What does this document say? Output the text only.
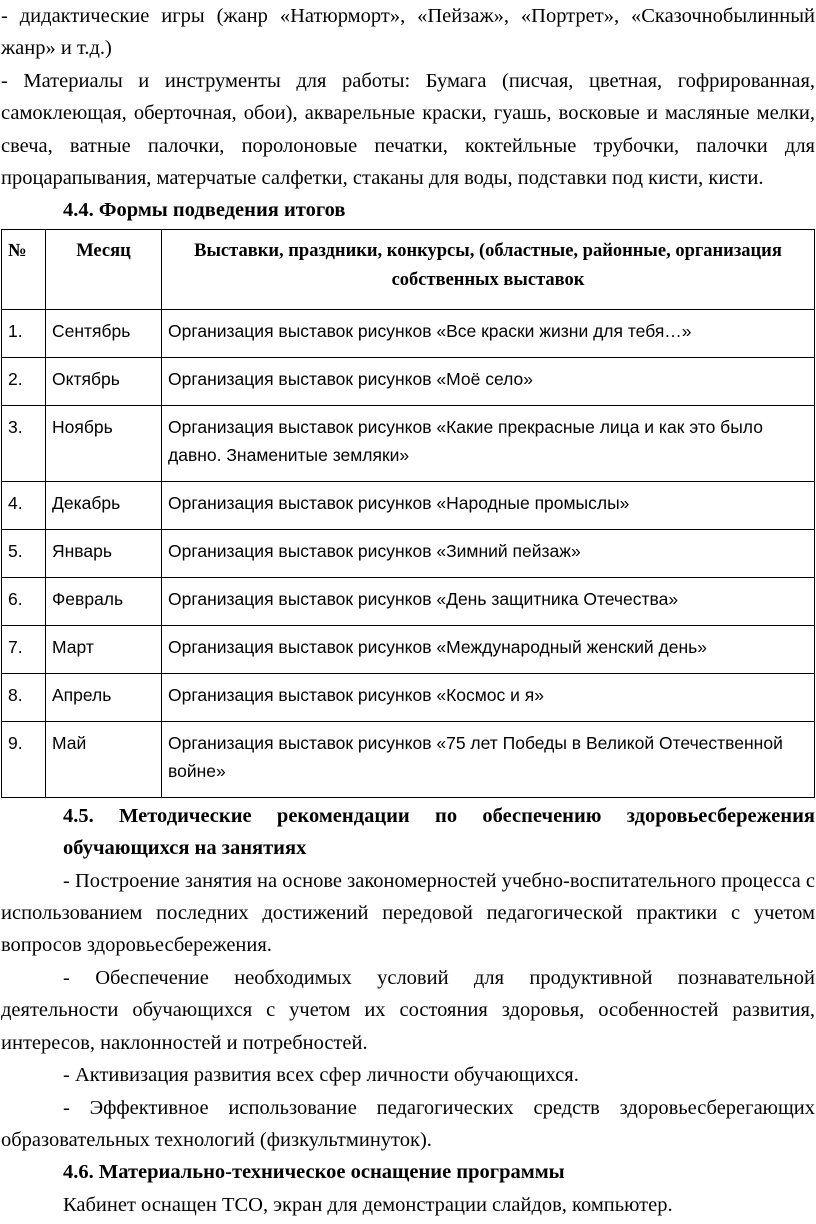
- дидактические игры (жанр «Натюрморт», «Пейзаж», «Портрет», «Сказочнобылинный жанр» и т.д.)

- Материалы и инструменты для работы: Бумага (писчая, цветная, гофрированная, самоклеющая, оберточная, обои), акварельные краски, гуашь, восковые и масляные мелки, свеча, ватные палочки, поролоновые печатки, коктейльные трубочки, палочки для процарапывания, матерчатые салфетки, стаканы для воды, подставки под кисти, кисти.

4.4. Формы подведения итогов

№	Месяц	Выставки, праздники, конкурсы, (областные, районные, организация собственных выставок
1.	Сентябрь	Организация выставок рисунков «Все краски жизни для тебя…»
2.	Октябрь	Организация выставок рисунков «Моё село»
3.	Ноябрь	Организация выставок рисунков «Какие прекрасные лица и как это было давно. Знаменитые земляки»
4.	Декабрь	Организация выставок рисунков «Народные промыслы»
5.	Январь	Организация выставок рисунков «Зимний пейзаж»
6.	Февраль	Организация выставок рисунков «День защитника Отечества»
7.	Март	Организация выставок рисунков «Международный женский день»
8.	Апрель	Организация выставок рисунков «Космос и я»
9.	Май	Организация выставок рисунков «75 лет Победы в Великой Отечественной войне»

4.5. Методические рекомендации по обеспечению здоровьесбережения обучающихся на занятиях

- Построение занятия на основе закономерностей учебно-воспитательного процесса с использованием последних достижений передовой педагогической практики с учетом вопросов здоровьесбережения.

- Обеспечение необходимых условий для продуктивной познавательной деятельности обучающихся с учетом их состояния здоровья, особенностей развития, интересов, наклонностей и потребностей.

- Активизация развития всех сфер личности обучающихся.

- Эффективное использование педагогических средств здоровьесберегающих образовательных технологий (физкультминуток).

4.6. Материально-техническое оснащение программы

Кабинет оснащен ТСО, экран для демонстрации слайдов, компьютер.
